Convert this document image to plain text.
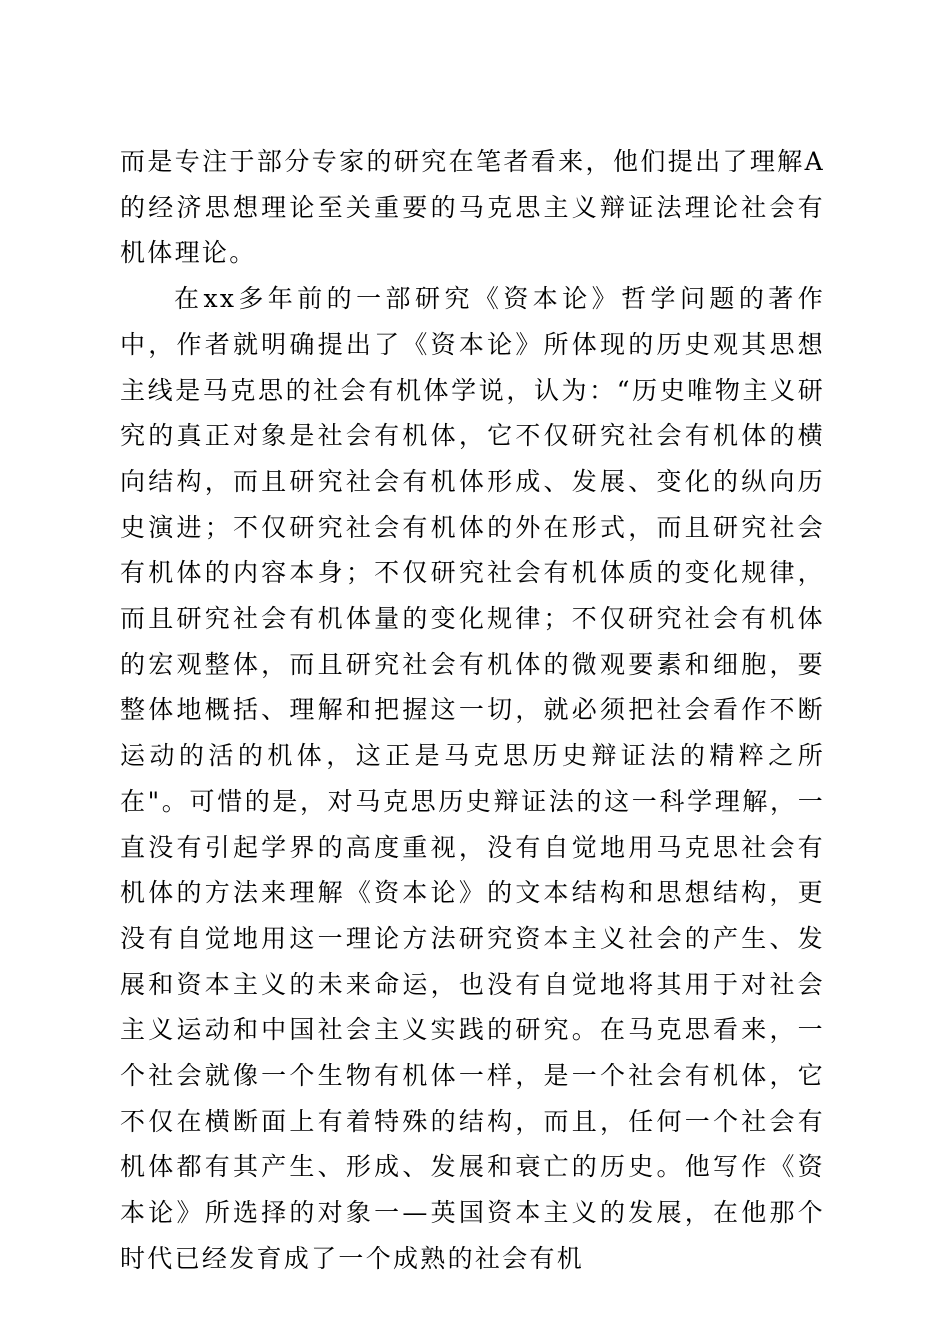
而是专注于部分专家的研究在笔者看来，他们提出了理解A的经济思想理论至关重要的马克思主义辩证法理论社会有机体理论。

在xx多年前的一部研究《资本论》哲学问题的著作中，作者就明确提出了《资本论》所体现的历史观其思想主线是马克思的社会有机体学说，认为：“历史唯物主义研究的真正对象是社会有机体，它不仅研究社会有机体的横向结构，而且研究社会有机体形成、发展、变化的纵向历史演进；不仅研究社会有机体的外在形式，而且研究社会有机体的内容本身；不仅研究社会有机体质的变化规律，而且研究社会有机体量的变化规律；不仅研究社会有机体的宏观整体，而且研究社会有机体的微观要素和细胞，要整体地概括、理解和把握这一切，就必须把社会看作不断运动的活的机体，这正是马克思历史辩证法的精粹之所在"。可惜的是，对马克思历史辩证法的这一科学理解，一直没有引起学界的高度重视，没有自觉地用马克思社会有机体的方法来理解《资本论》的文本结构和思想结构，更没有自觉地用这一理论方法研究资本主义社会的产生、发展和资本主义的未来命运，也没有自觉地将其用于对社会主义运动和中国社会主义实践的研究。在马克思看来，一个社会就像一个生物有机体一样，是一个社会有机体，它不仅在横断面上有着特殊的结构，而且，任何一个社会有机体都有其产生、形成、发展和衰亡的历史。他写作《资本论》所选择的对象一—英国资本主义的发展，在他那个时代已经发育成了一个成熟的社会有机
